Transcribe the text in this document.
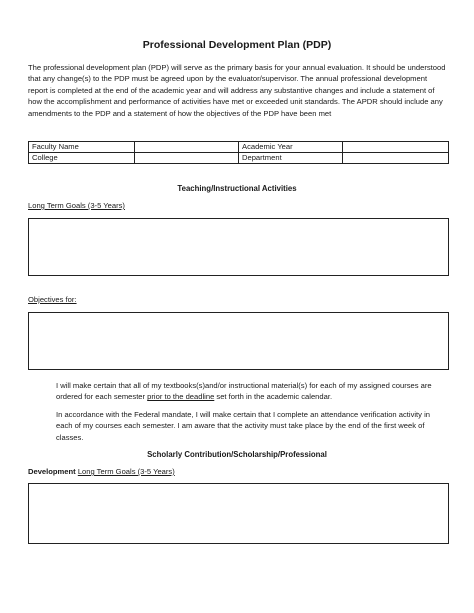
Professional Development Plan (PDP)

The professional development plan (PDP) will serve as the primary basis for your annual evaluation. It should be understood that any change(s) to the PDP must be agreed upon by the evaluator/supervisor. The annual professional development report is completed at the end of the academic year and will address any substantive changes and include a statement of how the accomplishment and performance of activities have met or exceeded unit standards. The APDR should include any amendments to the PDP and a statement of how the objectives of the PDP have been met

Faculty Name		Academic Year	
College		Department	
Teaching/Instructional Activities
Long Term Goals (3-5 Years)
Objectives for:

I will make certain that all of my textbooks(s)and/or instructional material(s) for each of my assigned courses are ordered for each semester prior to the deadline set forth in the academic calendar.

In accordance with the Federal mandate, I will make certain that I complete an attendance verification activity in each of my courses each semester. I am aware that the activity must take place by the end of the first week of classes.

Scholarly Contribution/Scholarship/Professional
Development Long Term Goals (3-5 Years)
